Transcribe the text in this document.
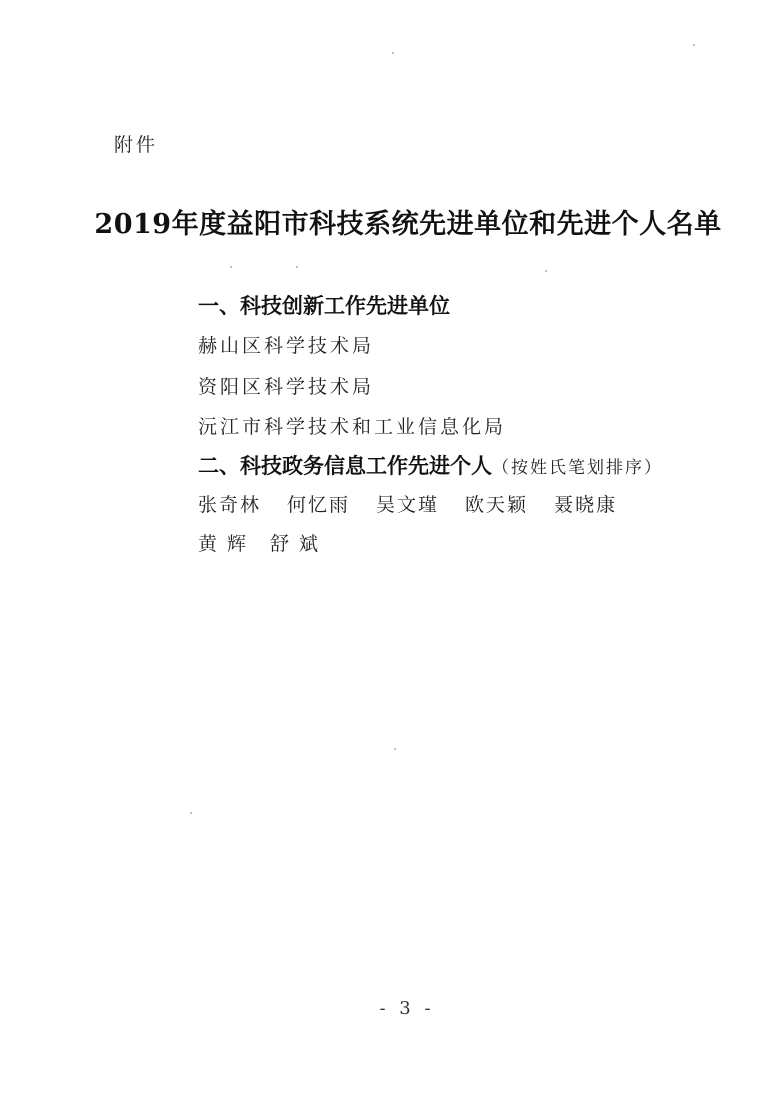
附件
2019年度益阳市科技系统先进单位和先进个人名单
一、科技创新工作先进单位
赫山区科学技术局
资阳区科学技术局
沅江市科学技术和工业信息化局
二、科技政务信息工作先进个人（按姓氏笔划排序）
张奇林 何忆雨 吴文瑾 欧天颖 聂晓康
黄辉 舒斌
- 3 -
